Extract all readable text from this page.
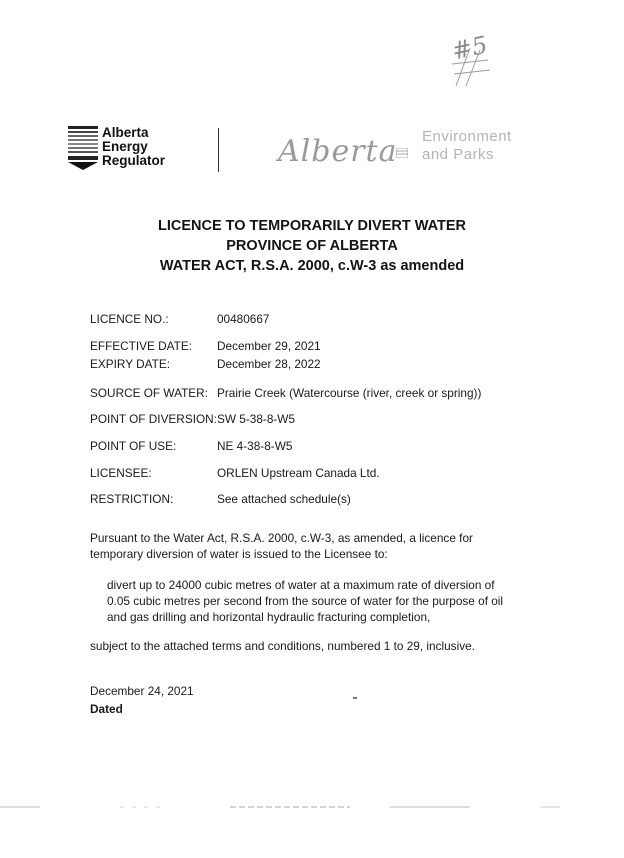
#5
Alberta
Energy
Regulator	Alberta Environment
and Parks
LICENCE TO TEMPORARILY DIVERT WATER
PROVINCE OF ALBERTA
WATER ACT, R.S.A. 2000, c.W-3 as amended
LICENCE NO.:	00480667
EFFECTIVE DATE: December 29, 2021
EXPIRY DATE:	December 28, 2022
SOURCE OF WATER: Prairie Creek (Watercourse (river, creek or spring))
POINT OF DIVERSION: SW 5-38-8-W5
POINT OF USE:	NE 4-38-8-W5
LICENSEE:	ORLEN Upstream Canada Ltd.
RESTRICTION:	See attached schedule(s)
Pursuant to the Water Act, R.S.A. 2000, c.W-3, as amended, a licence for temporary diversion of water is issued to the Licensee to:
divert up to 24000 cubic metres of water at a maximum rate of diversion of 0.05 cubic metres per second from the source of water for the purpose of oil and gas drilling and horizontal hydraulic fracturing completion,
subject to the attached terms and conditions, numbered 1 to 29, inclusive.
December 24, 2021
Dated
